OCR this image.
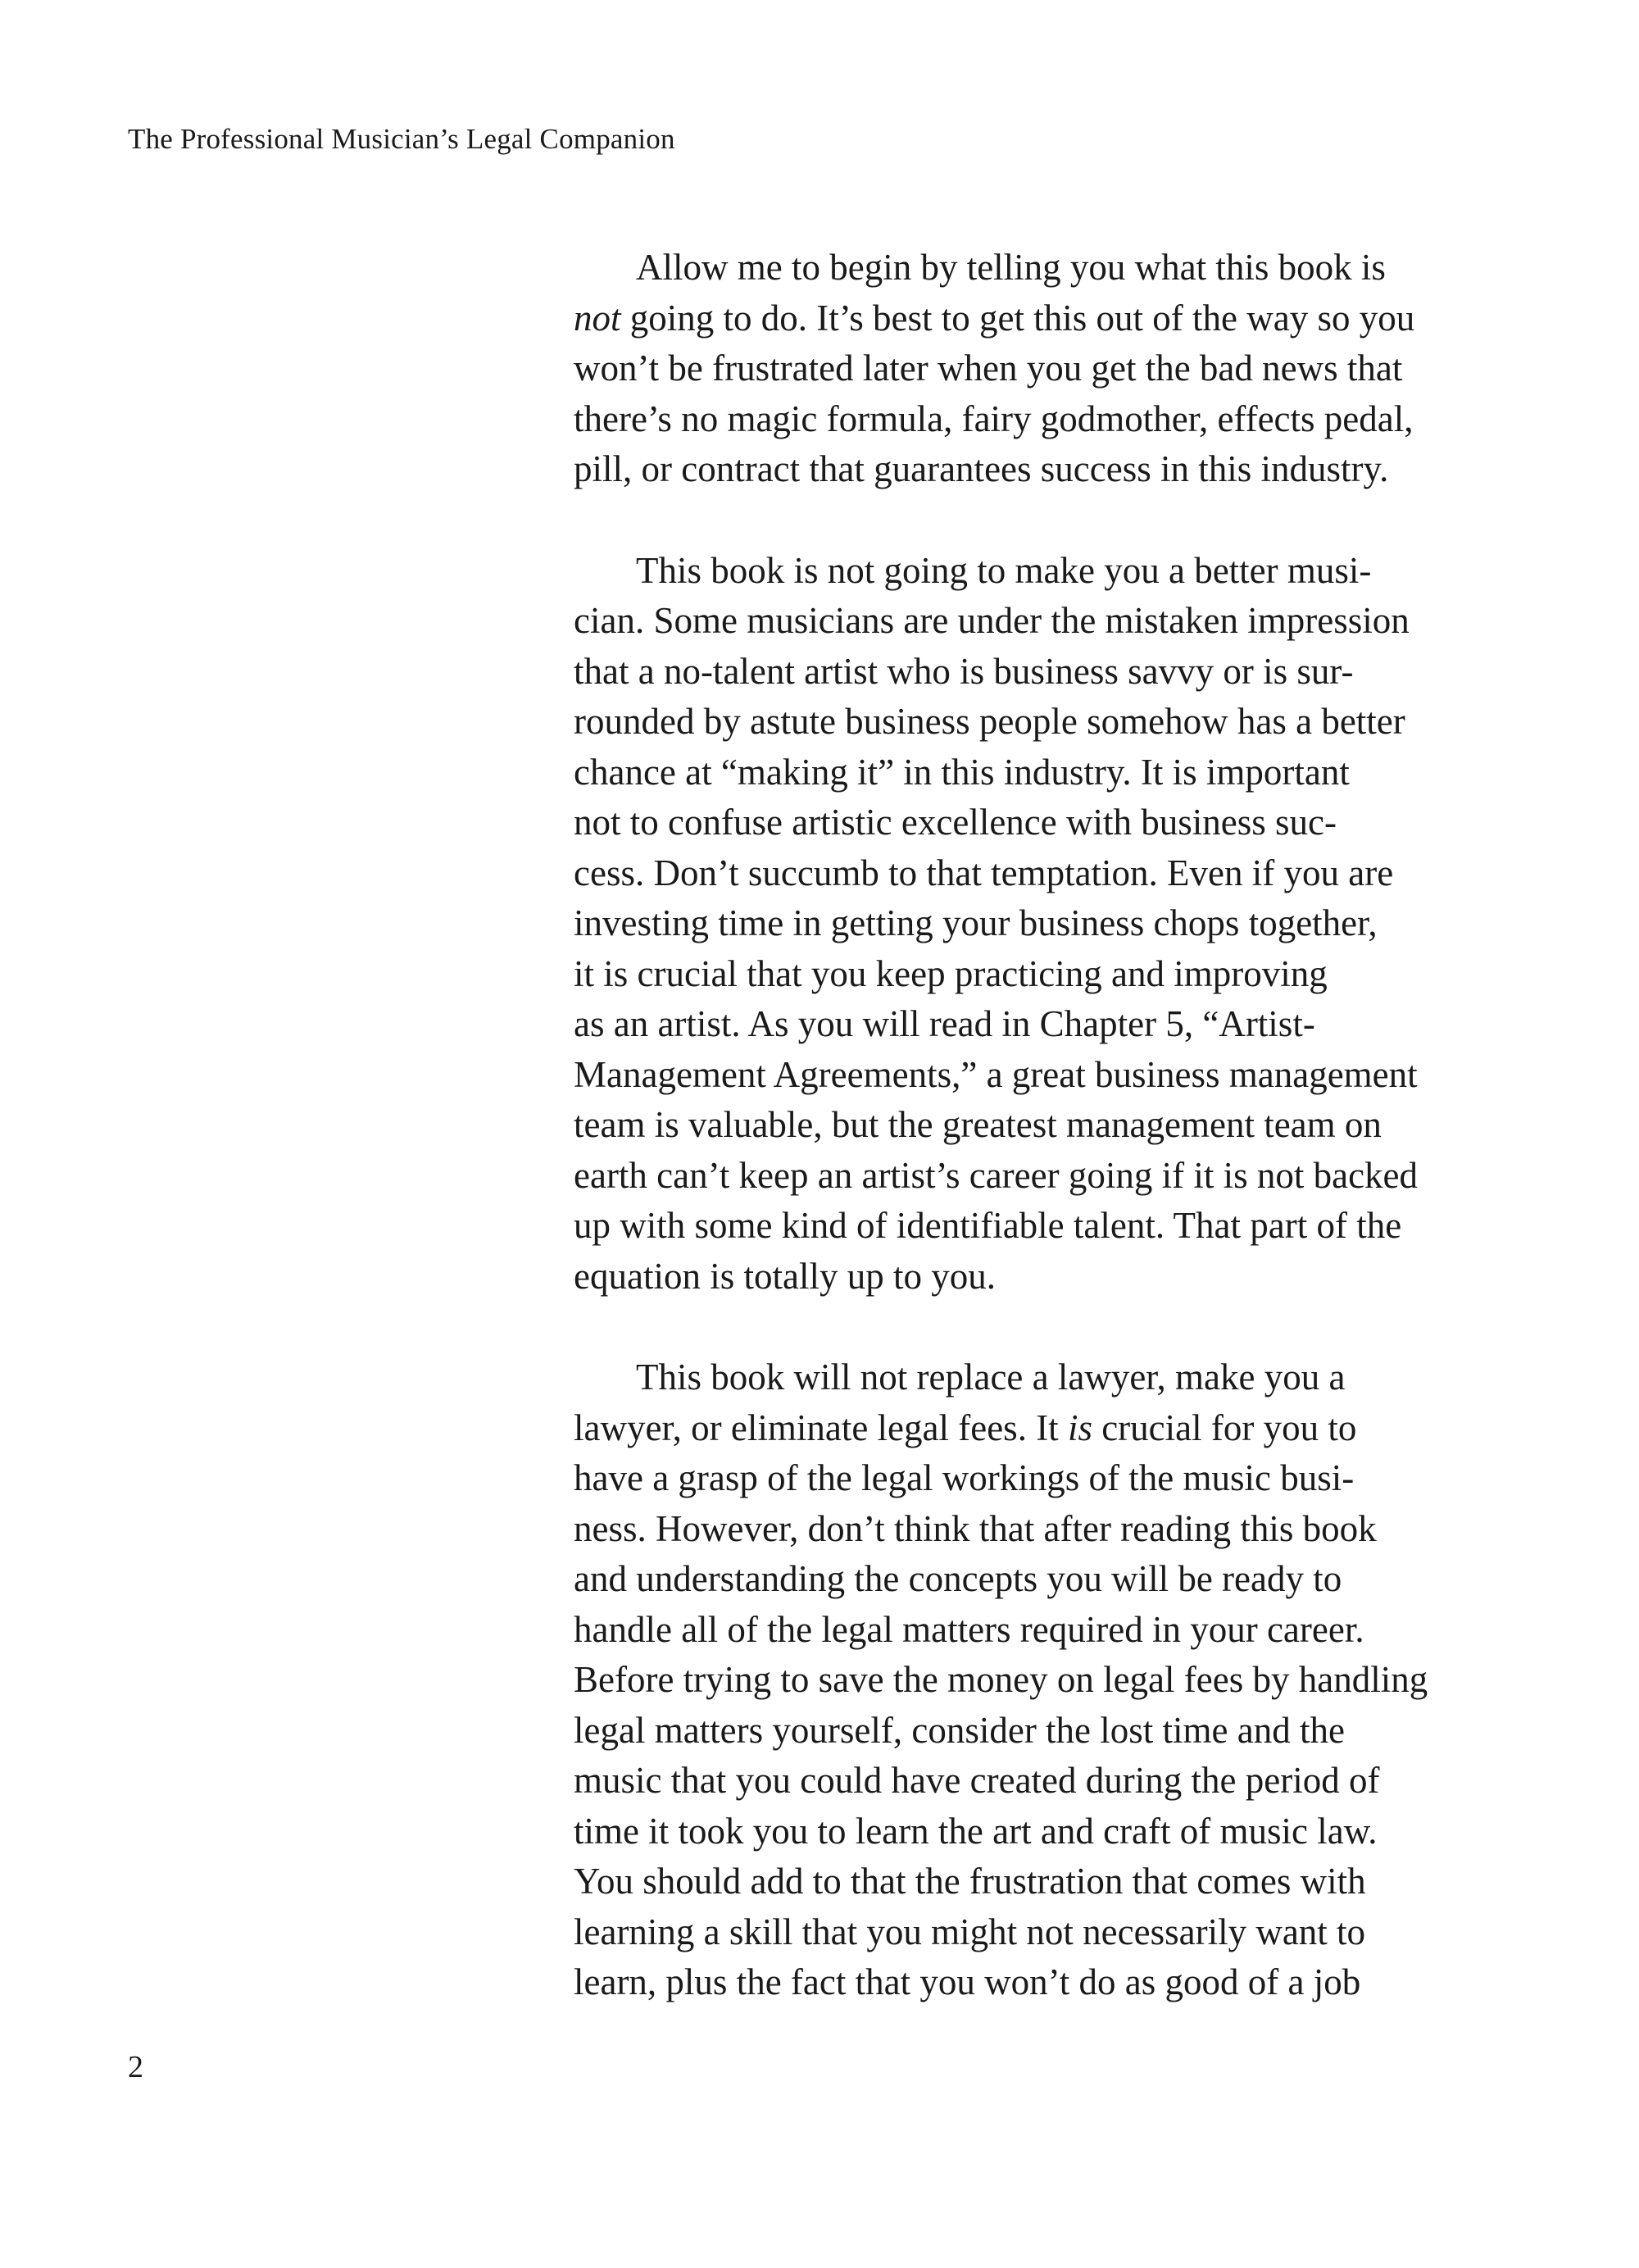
The Professional Musician’s Legal Companion

Allow me to begin by telling you what this book is
not going to do. It’s best to get this out of the way so you
won’t be frustrated later when you get the bad news that
there’s no magic formula, fairy godmother, effects pedal,
pill, or contract that guarantees success in this industry.

This book is not going to make you a better musi-
cian. Some musicians are under the mistaken impression
that a no-talent artist who is business savvy or is sur-
rounded by astute business people somehow has a better
chance at “making it” in this industry. It is important
not to confuse artistic excellence with business suc-
cess. Don’t succumb to that temptation. Even if you are
investing time in getting your business chops together,
it is crucial that you keep practicing and improving
as an artist. As you will read in Chapter 5, “Artist-
Management Agreements,” a great business management
team is valuable, but the greatest management team on
earth can’t keep an artist’s career going if it is not backed
up with some kind of identifiable talent. That part of the
equation is totally up to you.

This book will not replace a lawyer, make you a
lawyer, or eliminate legal fees. It is crucial for you to
have a grasp of the legal workings of the music busi-
ness. However, don’t think that after reading this book
and understanding the concepts you will be ready to
handle all of the legal matters required in your career.
Before trying to save the money on legal fees by handling
legal matters yourself, consider the lost time and the
music that you could have created during the period of
time it took you to learn the art and craft of music law.
You should add to that the frustration that comes with
learning a skill that you might not necessarily want to
learn, plus the fact that you won’t do as good of a job

2
